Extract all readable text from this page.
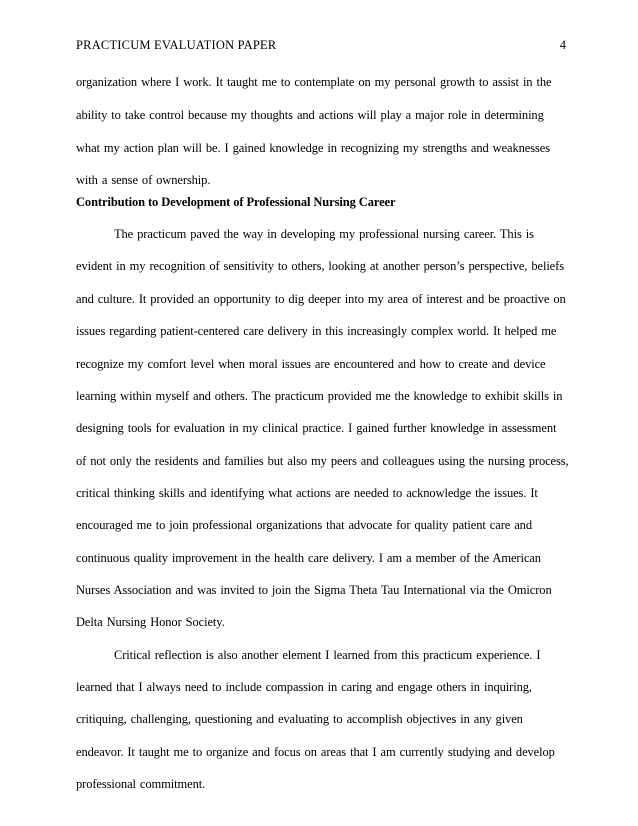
PRACTICUM EVALUATION PAPER	4
organization where I work. It taught me to contemplate on my personal growth to assist in the
ability to take control because my thoughts and actions will play a major role in determining
what my action plan will be. I gained knowledge in recognizing my strengths and weaknesses
with a sense of ownership.
Contribution to Development of Professional Nursing Career
The practicum paved the way in developing my professional nursing career. This is
evident in my recognition of sensitivity to others, looking at another person’s perspective, beliefs
and culture. It provided an opportunity to dig deeper into my area of interest and be proactive on
issues regarding patient-centered care delivery in this increasingly complex world. It helped me
recognize my comfort level when moral issues are encountered and how to create and device
learning within myself and others. The practicum provided me the knowledge to exhibit skills in
designing tools for evaluation in my clinical practice. I gained further knowledge in assessment
of not only the residents and families but also my peers and colleagues using the nursing process,
critical thinking skills and identifying what actions are needed to acknowledge the issues. It
encouraged me to join professional organizations that advocate for quality patient care and
continuous quality improvement in the health care delivery. I am a member of the American
Nurses Association and was invited to join the Sigma Theta Tau International via the Omicron
Delta Nursing Honor Society.
Critical reflection is also another element I learned from this practicum experience. I
learned that I always need to include compassion in caring and engage others in inquiring,
critiquing, challenging, questioning and evaluating to accomplish objectives in any given
endeavor. It taught me to organize and focus on areas that I am currently studying and develop
professional commitment.
